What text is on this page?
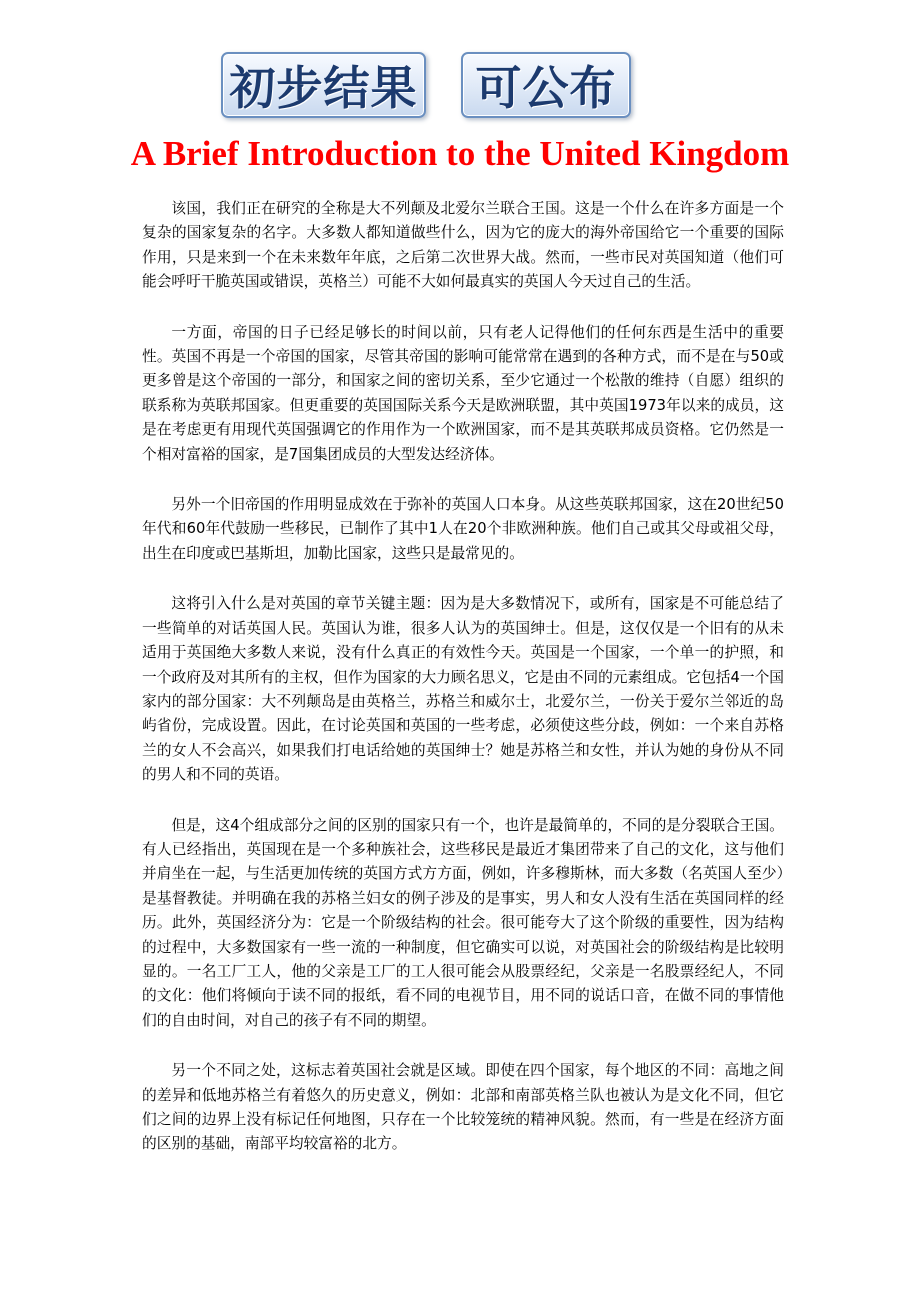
初步结果 可公布
A Brief Introduction to the United Kingdom

该国，我们正在研究的全称是大不列颠及北爱尔兰联合王国。这是一个什么在许多方面是一个复杂的国家复杂的名字。大多数人都知道做些什么，因为它的庞大的海外帝国给它一个重要的国际作用，只是来到一个在未来数年年底，之后第二次世界大战。然而，一些市民对英国知道（他们可能会呼吁干脆英国或错误，英格兰）可能不大如何最真实的英国人今天过自己的生活。

一方面，帝国的日子已经足够长的时间以前，只有老人记得他们的任何东西是生活中的重要性。英国不再是一个帝国的国家，尽管其帝国的影响可能常常在遇到的各种方式，而不是在与50或更多曾是这个帝国的一部分，和国家之间的密切关系，至少它通过一个松散的维持（自愿）组织的联系称为英联邦国家。但更重要的英国国际关系今天是欧洲联盟，其中英国1973年以来的成员，这是在考虑更有用现代英国强调它的作用作为一个欧洲国家，而不是其英联邦成员资格。它仍然是一个相对富裕的国家，是7国集团成员的大型发达经济体。

另外一个旧帝国的作用明显成效在于弥补的英国人口本身。从这些英联邦国家，这在20世纪50年代和60年代鼓励一些移民，已制作了其中1人在20个非欧洲种族。他们自己或其父母或祖父母，出生在印度或巴基斯坦，加勒比国家，这些只是最常见的。

这将引入什么是对英国的章节关键主题：因为是大多数情况下，或所有，国家是不可能总结了一些简单的对话英国人民。英国认为谁，很多人认为的英国绅士。但是，这仅仅是一个旧有的从未适用于英国绝大多数人来说，没有什么真正的有效性今天。英国是一个国家，一个单一的护照，和一个政府及对其所有的主权，但作为国家的大力顾名思义，它是由不同的元素组成。它包括4一个国家内的部分国家：大不列颠岛是由英格兰，苏格兰和威尔士，北爱尔兰，一份关于爱尔兰邻近的岛屿省份，完成设置。因此，在讨论英国和英国的一些考虑，必须使这些分歧，例如：一个来自苏格兰的女人不会高兴，如果我们打电话给她的英国绅士？她是苏格兰和女性，并认为她的身份从不同的男人和不同的英语。

但是，这4个组成部分之间的区别的国家只有一个，也许是最简单的，不同的是分裂联合王国。有人已经指出，英国现在是一个多种族社会，这些移民是最近才集团带来了自己的文化，这与他们并肩坐在一起，与生活更加传统的英国方式方方面，例如，许多穆斯林，而大多数（名英国人至少）是基督教徒。并明确在我的苏格兰妇女的例子涉及的是事实，男人和女人没有生活在英国同样的经历。此外，英国经济分为：它是一个阶级结构的社会。很可能夸大了这个阶级的重要性，因为结构的过程中，大多数国家有一些一流的一种制度，但它确实可以说，对英国社会的阶级结构是比较明显的。一名工厂工人，他的父亲是工厂的工人很可能会从股票经纪，父亲是一名股票经纪人，不同的文化：他们将倾向于读不同的报纸，看不同的电视节目，用不同的说话口音，在做不同的事情他们的自由时间，对自己的孩子有不同的期望。

另一个不同之处，这标志着英国社会就是区域。即使在四个国家，每个地区的不同：高地之间的差异和低地苏格兰有着悠久的历史意义，例如：北部和南部英格兰队也被认为是文化不同，但它们之间的边界上没有标记任何地图，只存在一个比较笼统的精神风貌。然而，有一些是在经济方面的区别的基础，南部平均较富裕的北方。
